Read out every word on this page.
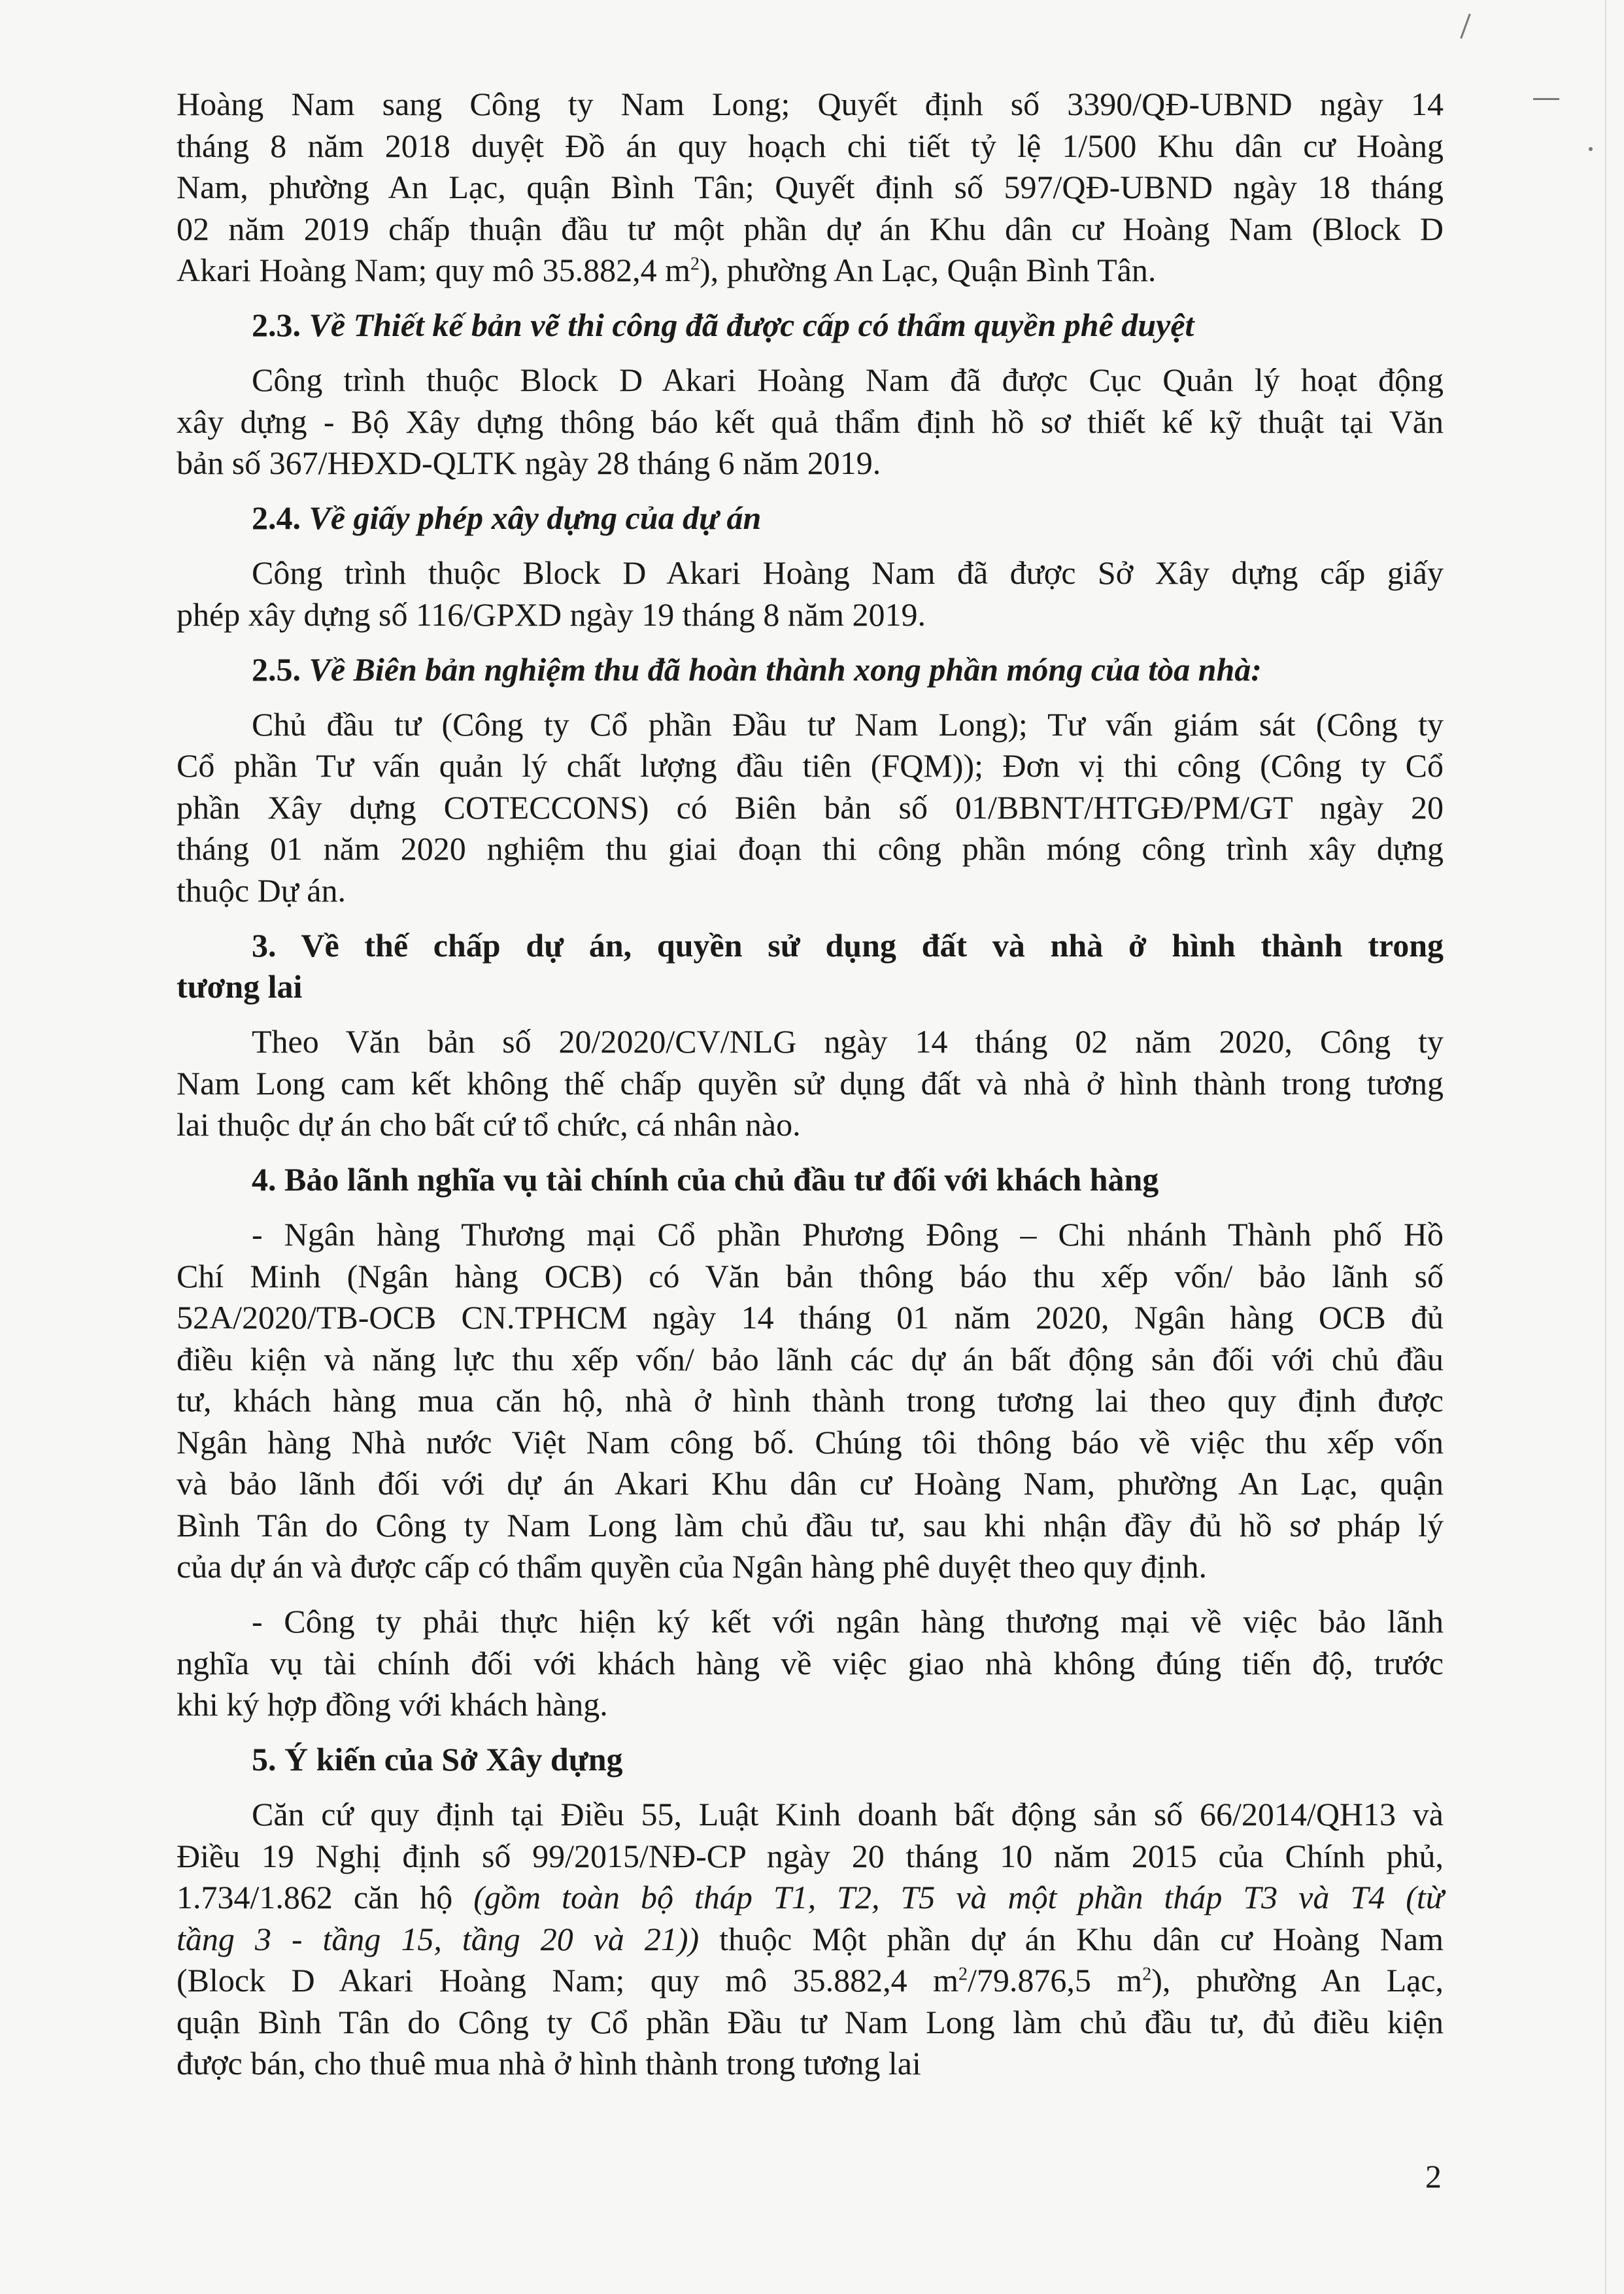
Hoàng Nam sang Công ty Nam Long; Quyết định số 3390/QĐ-UBND ngày 14
tháng 8 năm 2018 duyệt Đồ án quy hoạch chi tiết tỷ lệ 1/500 Khu dân cư Hoàng
Nam, phường An Lạc, quận Bình Tân; Quyết định số 597/QĐ-UBND ngày 18 tháng
02 năm 2019 chấp thuận đầu tư một phần dự án Khu dân cư Hoàng Nam (Block D
Akari Hoàng Nam; quy mô 35.882,4 $m^2$), phường An Lạc, Quận Bình Tân.
2.3. Về Thiết kế bản vẽ thi công đã được cấp có thẩm quyền phê duyệt
Công trình thuộc Block D Akari Hoàng Nam đã được Cục Quản lý hoạt động
xây dựng - Bộ Xây dựng thông báo kết quả thẩm định hồ sơ thiết kế kỹ thuật tại Văn
bản số 367/HĐXD-QLTK ngày 28 tháng 6 năm 2019.
2.4. Về giấy phép xây dựng của dự án
Công trình thuộc Block D Akari Hoàng Nam đã được Sở Xây dựng cấp giấy
phép xây dựng số 116/GPXD ngày 19 tháng 8 năm 2019.
2.5. Về Biên bản nghiệm thu đã hoàn thành xong phần móng của tòa nhà:
Chủ đầu tư (Công ty Cổ phần Đầu tư Nam Long); Tư vấn giám sát (Công ty
Cổ phần Tư vấn quản lý chất lượng đầu tiên (FQM)); Đơn vị thi công (Công ty Cổ
phần Xây dựng COTECCONS) có Biên bản số 01/BBNT/HTGĐ/PM/GT ngày 20
tháng 01 năm 2020 nghiệm thu giai đoạn thi công phần móng công trình xây dựng
thuộc Dự án.
3. Về thế chấp dự án, quyền sử dụng đất và nhà ở hình thành trong
tương lai
Theo Văn bản số 20/2020/CV/NLG ngày 14 tháng 02 năm 2020, Công ty
Nam Long cam kết không thế chấp quyền sử dụng đất và nhà ở hình thành trong tương
lai thuộc dự án cho bất cứ tổ chức, cá nhân nào.
4. Bảo lãnh nghĩa vụ tài chính của chủ đầu tư đối với khách hàng
- Ngân hàng Thương mại Cổ phần Phương Đông – Chi nhánh Thành phố Hồ
Chí Minh (Ngân hàng OCB) có Văn bản thông báo thu xếp vốn/ bảo lãnh số
52A/2020/TB-OCB CN.TPHCM ngày 14 tháng 01 năm 2020, Ngân hàng OCB đủ
điều kiện và năng lực thu xếp vốn/ bảo lãnh các dự án bất động sản đối với chủ đầu
tư, khách hàng mua căn hộ, nhà ở hình thành trong tương lai theo quy định được
Ngân hàng Nhà nước Việt Nam công bố. Chúng tôi thông báo về việc thu xếp vốn
và bảo lãnh đối với dự án Akari Khu dân cư Hoàng Nam, phường An Lạc, quận
Bình Tân do Công ty Nam Long làm chủ đầu tư, sau khi nhận đầy đủ hồ sơ pháp lý
của dự án và được cấp có thẩm quyền của Ngân hàng phê duyệt theo quy định.
- Công ty phải thực hiện ký kết với ngân hàng thương mại về việc bảo lãnh
nghĩa vụ tài chính đối với khách hàng về việc giao nhà không đúng tiến độ, trước
khi ký hợp đồng với khách hàng.
5. Ý kiến của Sở Xây dựng
Căn cứ quy định tại Điều 55, Luật Kinh doanh bất động sản số 66/2014/QH13 và
Điều 19 Nghị định số 99/2015/NĐ-CP ngày 20 tháng 10 năm 2015 của Chính phủ,
1.734/1.862 căn hộ (gồm toàn bộ tháp T1, T2, T5 và một phần tháp T3 và T4 (từ
tầng 3 - tầng 15, tầng 20 và 21)) thuộc Một phần dự án Khu dân cư Hoàng Nam
(Block D Akari Hoàng Nam; quy mô 35.882,4 $m^2/79.876,5$ $m^2$), phường An Lạc,
quận Bình Tân do Công ty Cổ phần Đầu tư Nam Long làm chủ đầu tư, đủ điều kiện
được bán, cho thuê mua nhà ở hình thành trong tương lai
2
